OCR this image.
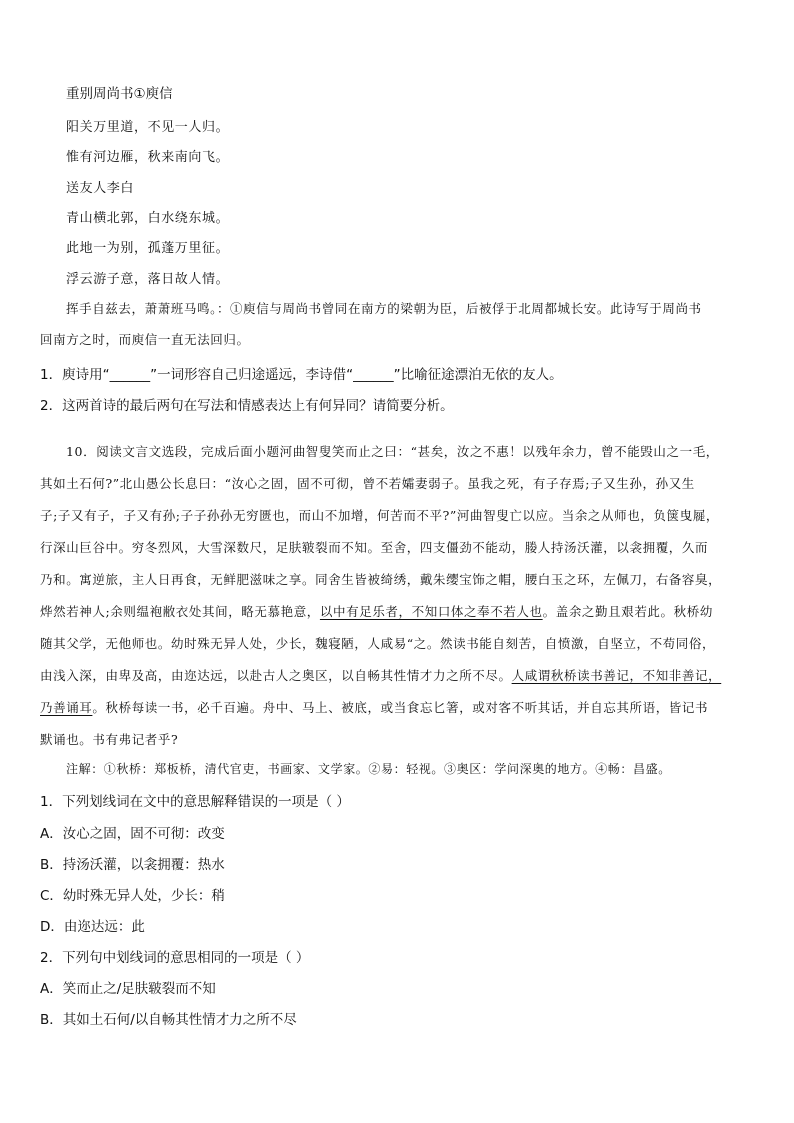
重别周尚书①庾信
阳关万里道，不见一人归。
惟有河边雁，秋来南向飞。
送友人李白
青山横北郭，白水绕东城。
此地一为别，孤蓬万里征。
浮云游子意，落日故人情。
挥手自兹去，萧萧班马鸣。：①庾信与周尚书曾同在南方的梁朝为臣，后被俘于北周都城长安。此诗写于周尚书
回南方之时，而庾信一直无法回归。
1．庾诗用“______”一词形容自己归途遥远，李诗借“______”比喻征途漂泊无依的友人。
2．这两首诗的最后两句在写法和情感表达上有何异同？请简要分析。
10．阅读文言文选段，完成后面小题河曲智叟笑而止之曰：“甚矣，汝之不惠！以残年余力，曾不能毁山之一毛，
其如土石何?”北山愚公长息曰：“汝心之固，固不可彻，曾不若孀妻弱子。虽我之死，有子存焉;子又生孙，孙又生
子;子又有子，子又有孙;子子孙孙无穷匮也，而山不加增，何苦而不平?”河曲智叟亡以应。当余之从师也，负箧曳屣，
行深山巨谷中。穷冬烈风，大雪深数尺，足肤皲裂而不知。至舍，四支僵劲不能动，媵人持汤沃灌，以衾拥覆，久而
乃和。寓逆旅，主人日再食，无鲜肥滋味之享。同舍生皆被绮绣，戴朱缨宝饰之帽，腰白玉之环，左佩刀，右备容臭，
烨然若神人;余则缊袍敝衣处其间，略无慕艳意，以中有足乐者，不知口体之奉不若人也。盖余之勤且艰若此。秋桥幼
随其父学，无他师也。幼时殊无异人处，少长，魏寝陋，人咸易“之。然读书能自刻苦，自愤激，自坚立，不苟同俗，
由浅入深，由卑及高，由迩达远，以赴古人之奥区，以自畅其性情才力之所不尽。人咸谓秋桥读书善记，不知非善记，
乃善诵耳。秋桥每读一书，必千百遍。舟中、马上、被底，或当食忘匕箸，或对客不听其话，并自忘其所语，皆记书
默诵也。书有弗记者乎?
注解：①秋桥：郑板桥，清代官吏，书画家、文学家。②易：轻视。③奥区：学问深奥的地方。④畅：昌盛。
1．下列划线词在文中的意思解释错误的一项是（ ）
A．汝心之固，固不可彻：改变
B．持汤沃灌，以衾拥覆：热水
C．幼时殊无异人处，少长：稍
D．由迩达远：此
2．下列句中划线词的意思相同的一项是（ ）
A．笑而止之/足肤皲裂而不知
B．其如土石何/以自畅其性情才力之所不尽
